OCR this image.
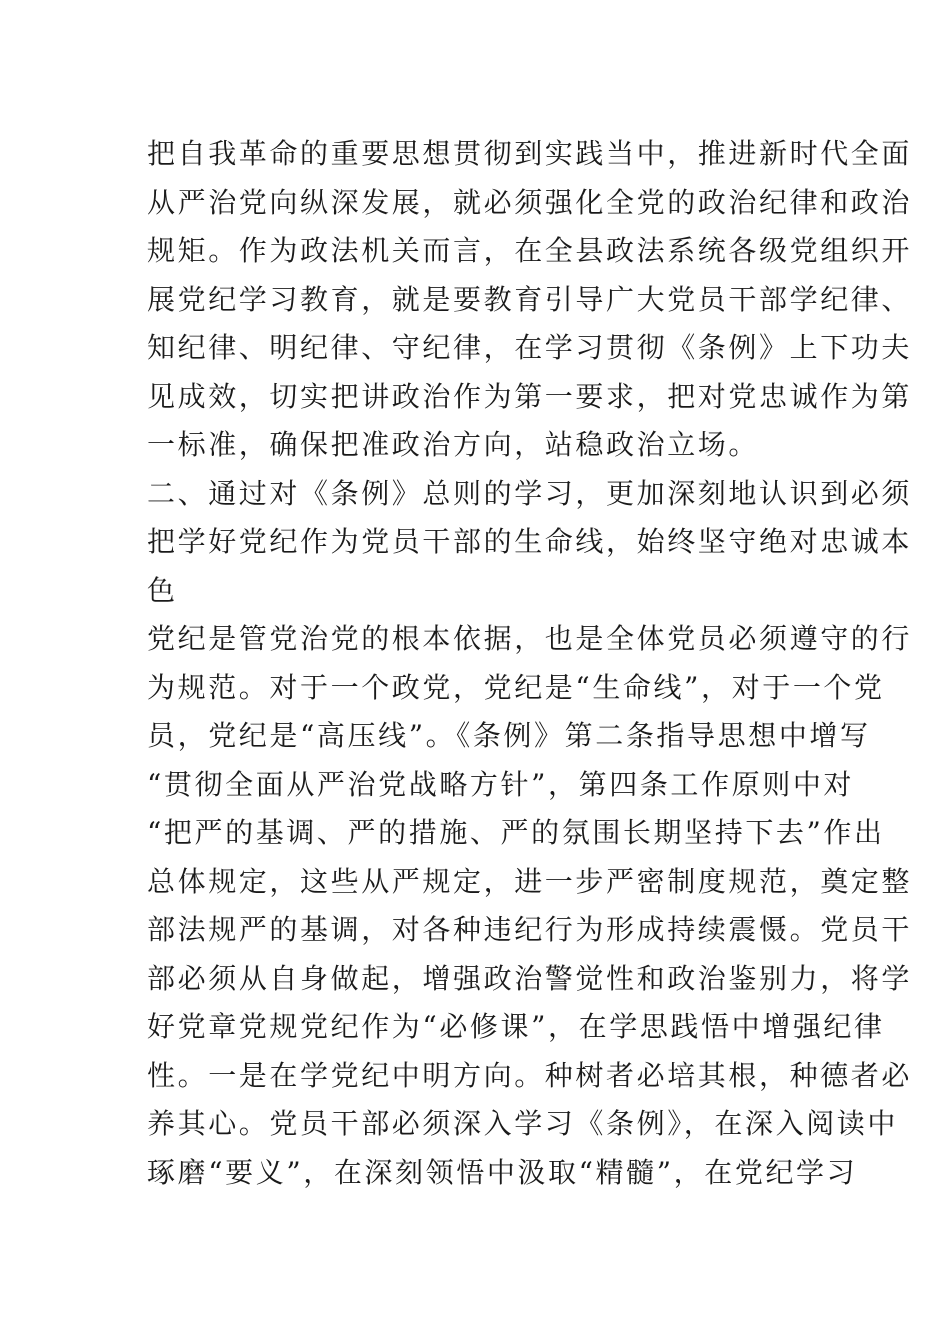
把自我革命的重要思想贯彻到实践当中，推进新时代全面
从严治党向纵深发展，就必须强化全党的政治纪律和政治
规矩。作为政法机关而言，在全县政法系统各级党组织开
展党纪学习教育，就是要教育引导广大党员干部学纪律、
知纪律、明纪律、守纪律，在学习贯彻《条例》上下功夫
见成效，切实把讲政治作为第一要求，把对党忠诚作为第
一标准，确保把准政治方向，站稳政治立场。
二、通过对《条例》总则的学习，更加深刻地认识到必须
把学好党纪作为党员干部的生命线，始终坚守绝对忠诚本
色
党纪是管党治党的根本依据，也是全体党员必须遵守的行
为规范。对于一个政党，党纪是“生命线”，对于一个党
员，党纪是“高压线”。《条例》第二条指导思想中增写
“贯彻全面从严治党战略方针”，第四条工作原则中对
“把严的基调、严的措施、严的氛围长期坚持下去”作出
总体规定，这些从严规定，进一步严密制度规范，奠定整
部法规严的基调，对各种违纪行为形成持续震慑。党员干
部必须从自身做起，增强政治警觉性和政治鉴别力，将学
好党章党规党纪作为“必修课”，在学思践悟中增强纪律
性。一是在学党纪中明方向。种树者必培其根，种德者必
养其心。党员干部必须深入学习《条例》，在深入阅读中
琢磨“要义”，在深刻领悟中汲取“精髓”，在党纪学习
